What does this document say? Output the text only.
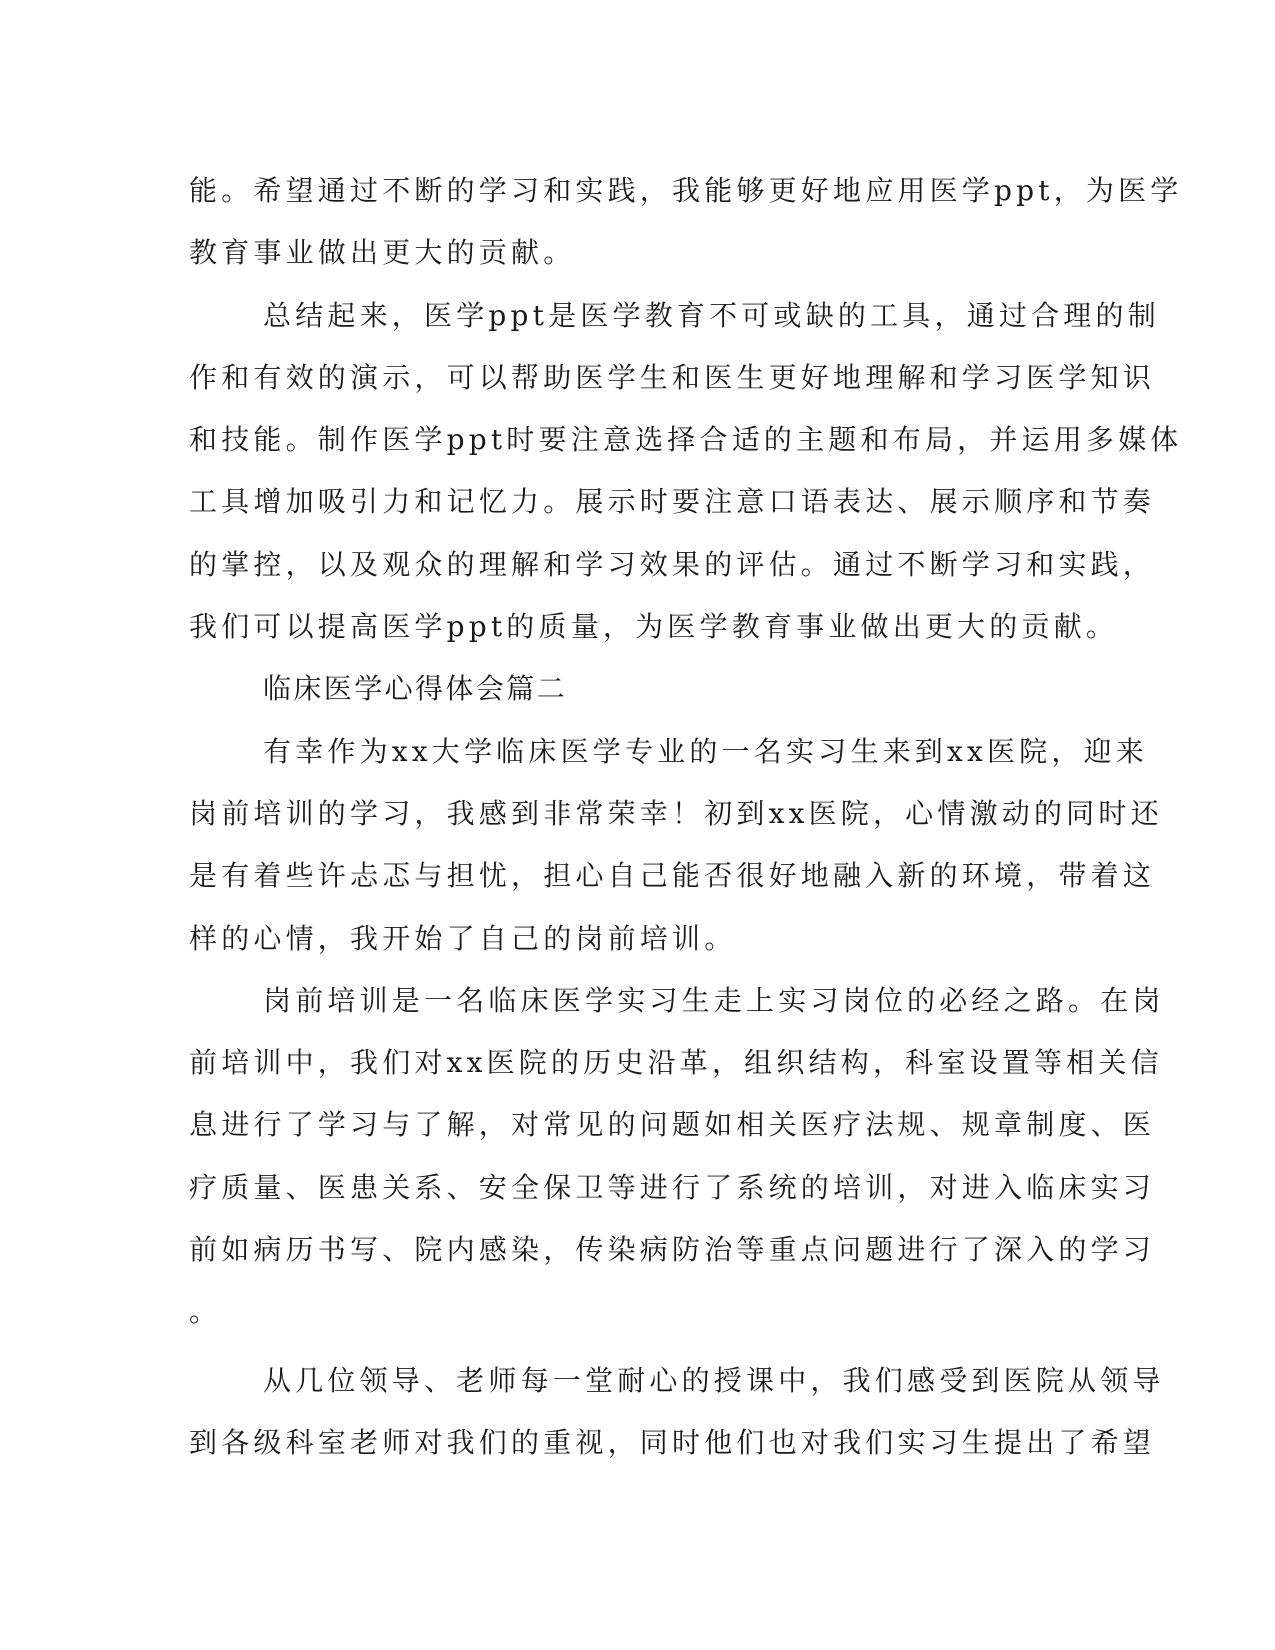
能。希望通过不断的学习和实践，我能够更好地应用医学ppt，为医学
教育事业做出更大的贡献。
总结起来，医学ppt是医学教育不可或缺的工具，通过合理的制
作和有效的演示，可以帮助医学生和医生更好地理解和学习医学知识
和技能。制作医学ppt时要注意选择合适的主题和布局，并运用多媒体
工具增加吸引力和记忆力。展示时要注意口语表达、展示顺序和节奏
的掌控，以及观众的理解和学习效果的评估。通过不断学习和实践，
我们可以提高医学ppt的质量，为医学教育事业做出更大的贡献。
临床医学心得体会篇二
有幸作为xx大学临床医学专业的一名实习生来到xx医院，迎来
岗前培训的学习，我感到非常荣幸！初到xx医院，心情激动的同时还
是有着些许忐忑与担忧，担心自己能否很好地融入新的环境，带着这
样的心情，我开始了自己的岗前培训。
岗前培训是一名临床医学实习生走上实习岗位的必经之路。在岗
前培训中，我们对xx医院的历史沿革，组织结构，科室设置等相关信
息进行了学习与了解，对常见的问题如相关医疗法规、规章制度、医
疗质量、医患关系、安全保卫等进行了系统的培训，对进入临床实习
前如病历书写、院内感染，传染病防治等重点问题进行了深入的学习
。
从几位领导、老师每一堂耐心的授课中，我们感受到医院从领导
到各级科室老师对我们的重视，同时他们也对我们实习生提出了希望
